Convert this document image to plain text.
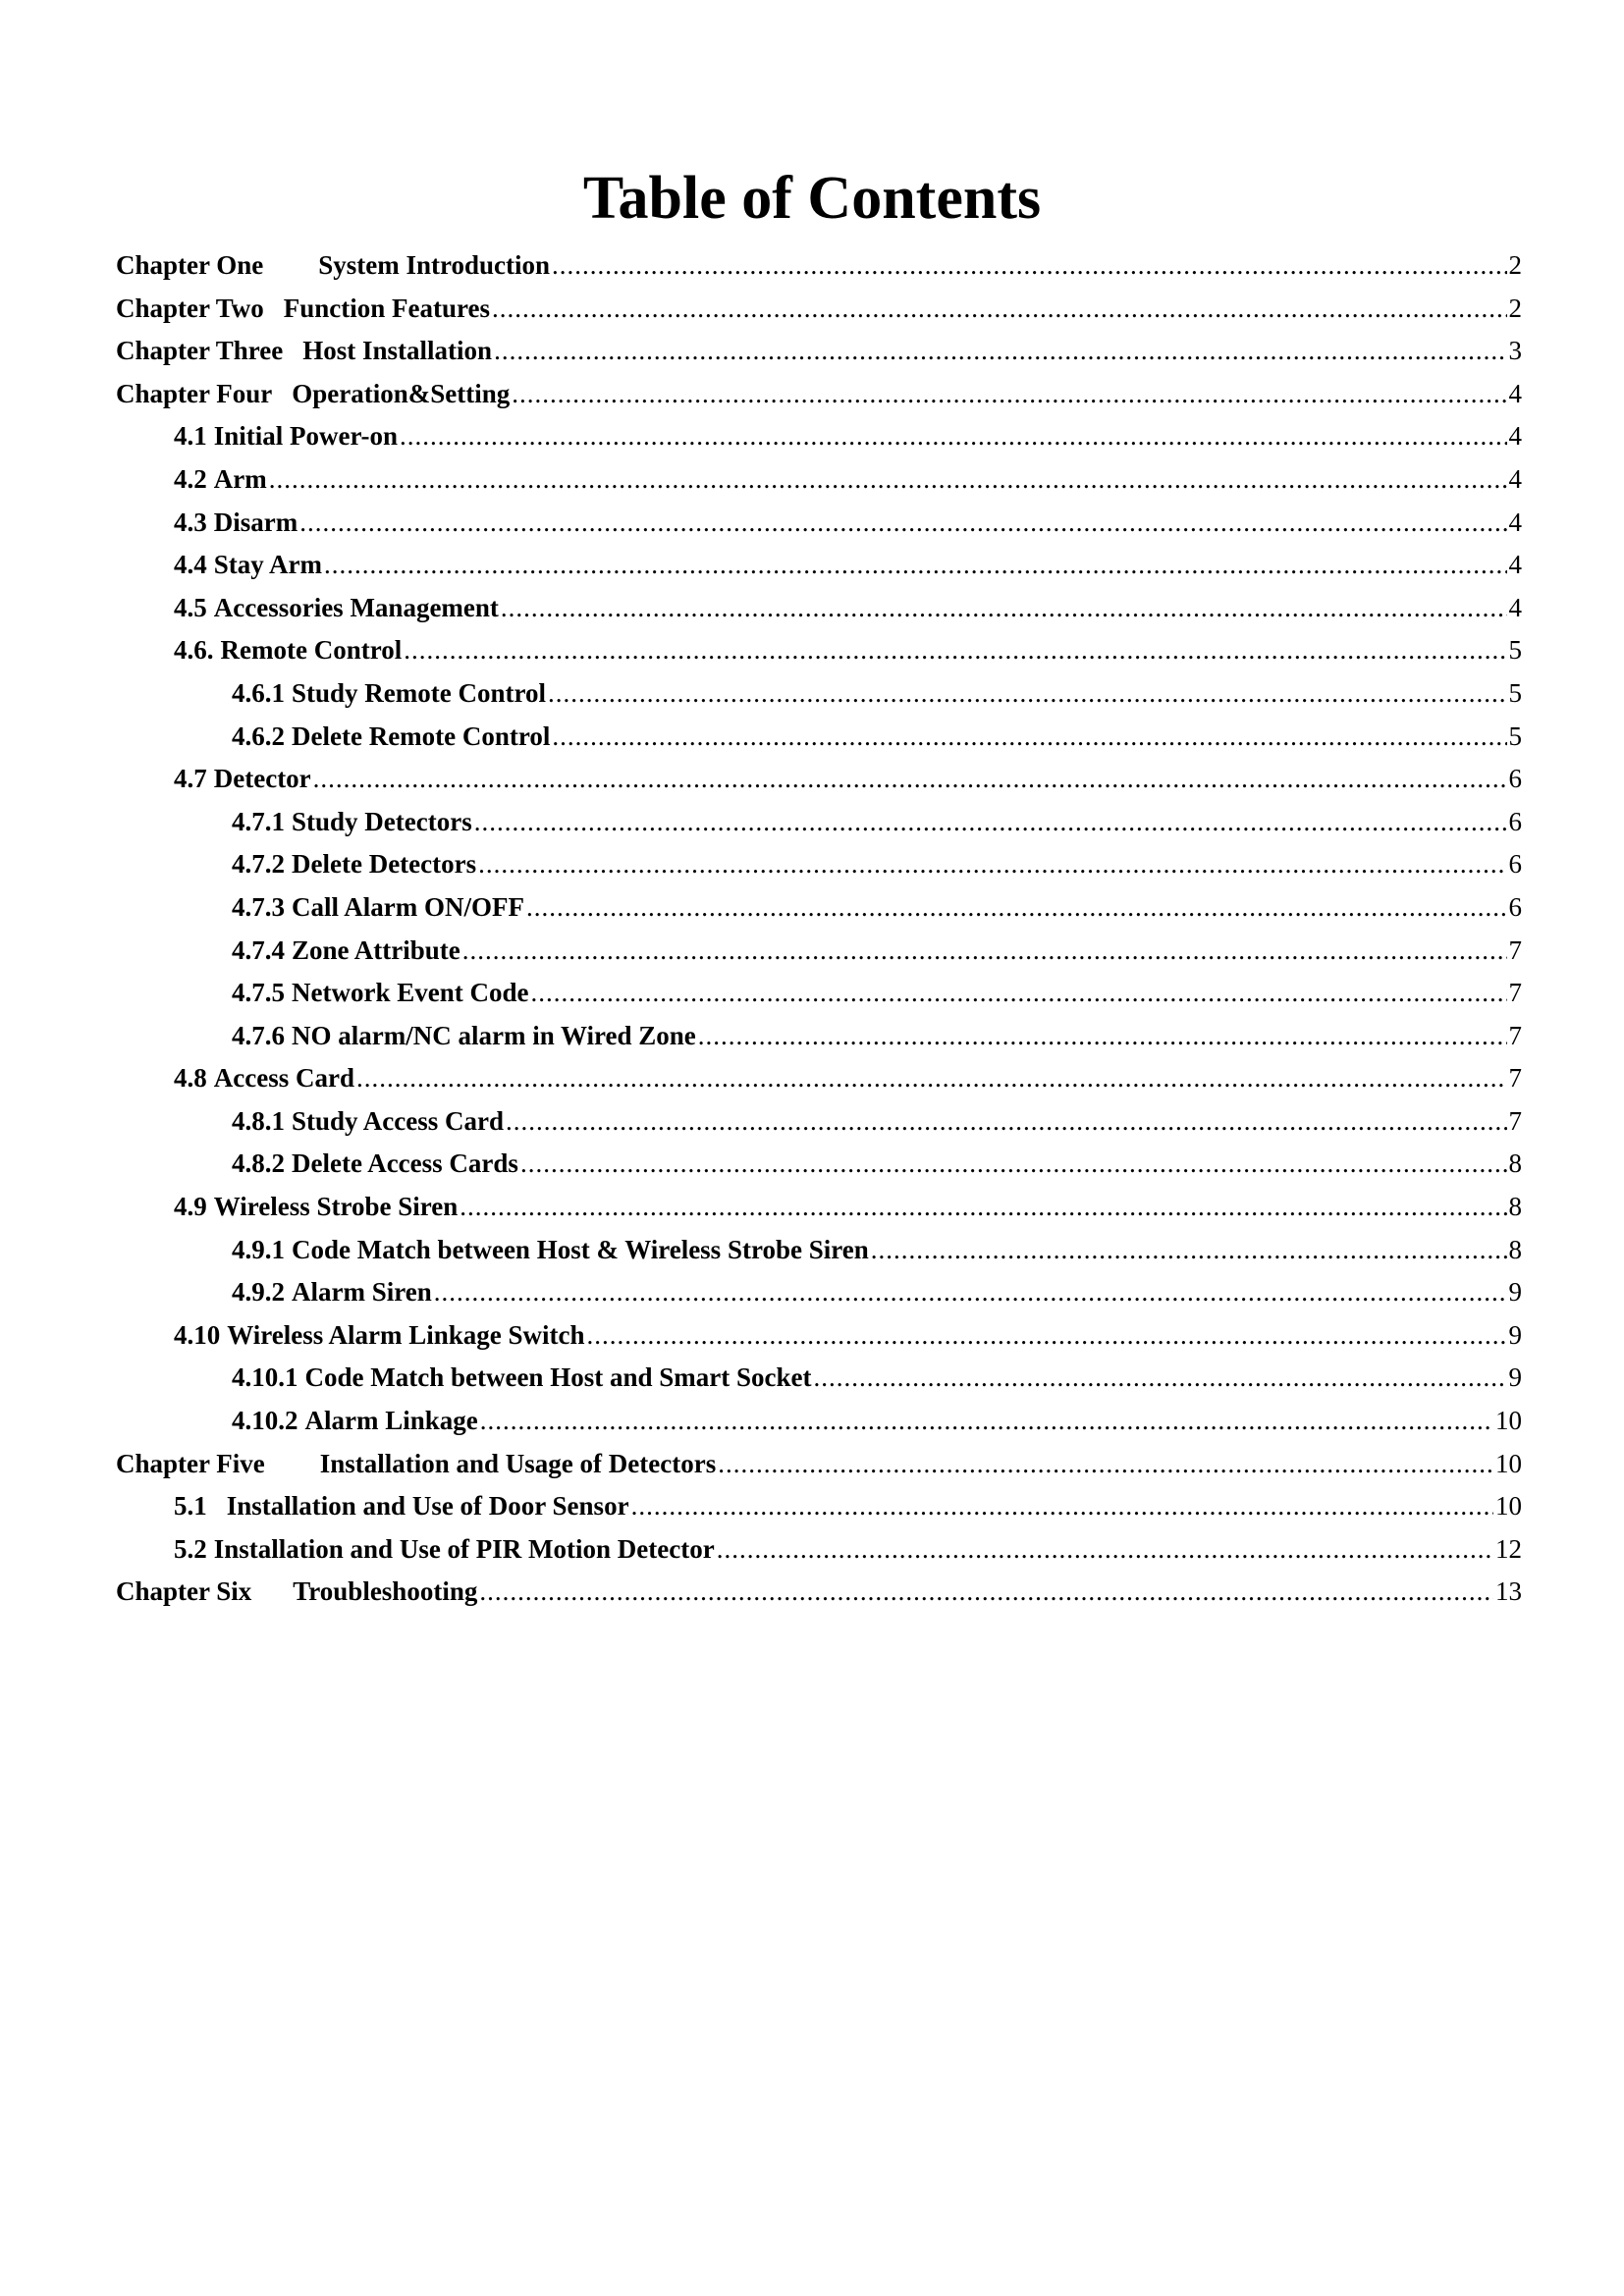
Table of Contents
Chapter One System Introduction .....	2
Chapter Two Function Features .....	2
Chapter Three Host Installation .....	3
Chapter Four Operation&Setting .....	4
4.1 Initial Power-on .....	4
4.2 Arm .....	4
4.3 Disarm .....	4
4.4 Stay Arm .....	4
4.5 Accessories Management .....	4
4.6. Remote Control .....	5
4.6.1 Study Remote Control .....	5
4.6.2 Delete Remote Control .....	5
4.7 Detector .....	6
4.7.1 Study Detectors .....	6
4.7.2 Delete Detectors .....	6
4.7.3 Call Alarm ON/OFF .....	6
4.7.4 Zone Attribute .....	7
4.7.5 Network Event Code .....	7
4.7.6 NO alarm/NC alarm in Wired Zone .....	7
4.8 Access Card .....	7
4.8.1 Study Access Card .....	7
4.8.2 Delete Access Cards .....	8
4.9 Wireless Strobe Siren .....	8
4.9.1 Code Match between Host & Wireless Strobe Siren .....	8
4.9.2 Alarm Siren .....	9
4.10 Wireless Alarm Linkage Switch .....	9
4.10.1 Code Match between Host and Smart Socket .....	9
4.10.2 Alarm Linkage .....	10
Chapter Five Installation and Usage of Detectors .....	10
5.1 Installation and Use of Door Sensor .....	10
5.2 Installation and Use of PIR Motion Detector .....	12
Chapter Six Troubleshooting .....	13
